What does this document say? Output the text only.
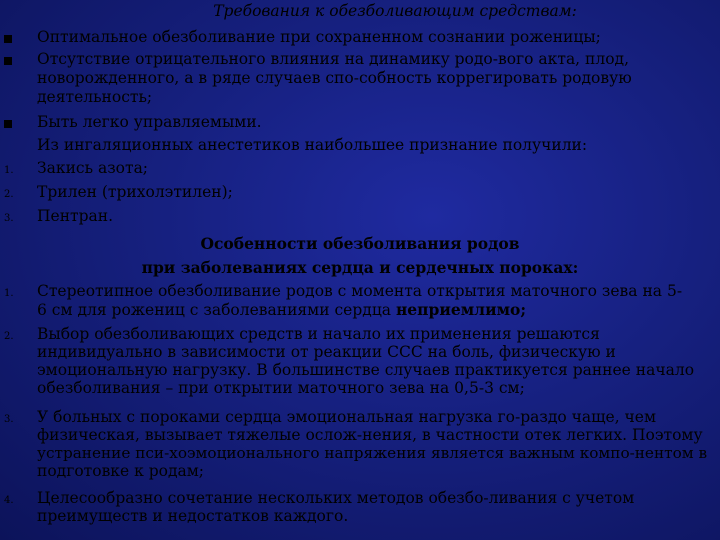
Требования к обезболивающим средствам:
Оптимальное обезболивание при сохраненном сознании роженицы;
Отсутствие отрицательного влияния на динамику родо-вого акта, плод,
новорожденного, а в ряде случаев спо-собность коррегировать родовую
деятельность;
Быть легко управляемыми.
Из ингаляционных анестетиков наибольшее признание получили:
1. Закись азота;
2. Трилен (трихолэтилен);
3. Пентран.
Особенности обезболивания родов
при заболеваниях сердца и сердечных пороках:
1. Стереотипное обезболивание родов с момента открытия маточного зева на 5-
6 см для рожениц с заболеваниями сердца неприемлимо;
2. Выбор обезболивающих средств и начало их применения решаются
индивидуально в зависимости от реакции ССС на боль, физическую и
эмоциональную нагрузку. В большинстве случаев практикуется раннее начало
обезболивания – при открытии маточного зева на 0,5-3 см;
3. У больных с пороками сердца эмоциональная нагрузка го-раздо чаще, чем
физическая, вызывает тяжелые ослож-нения, в частности отек легких. Поэтому
устранение пси-хоэмоционального напряжения является важным компо-нентом в
подготовке к родам;
4. Целесообразно сочетание нескольких методов обезбо-ливания с учетом
преимуществ и недостатков каждого.
